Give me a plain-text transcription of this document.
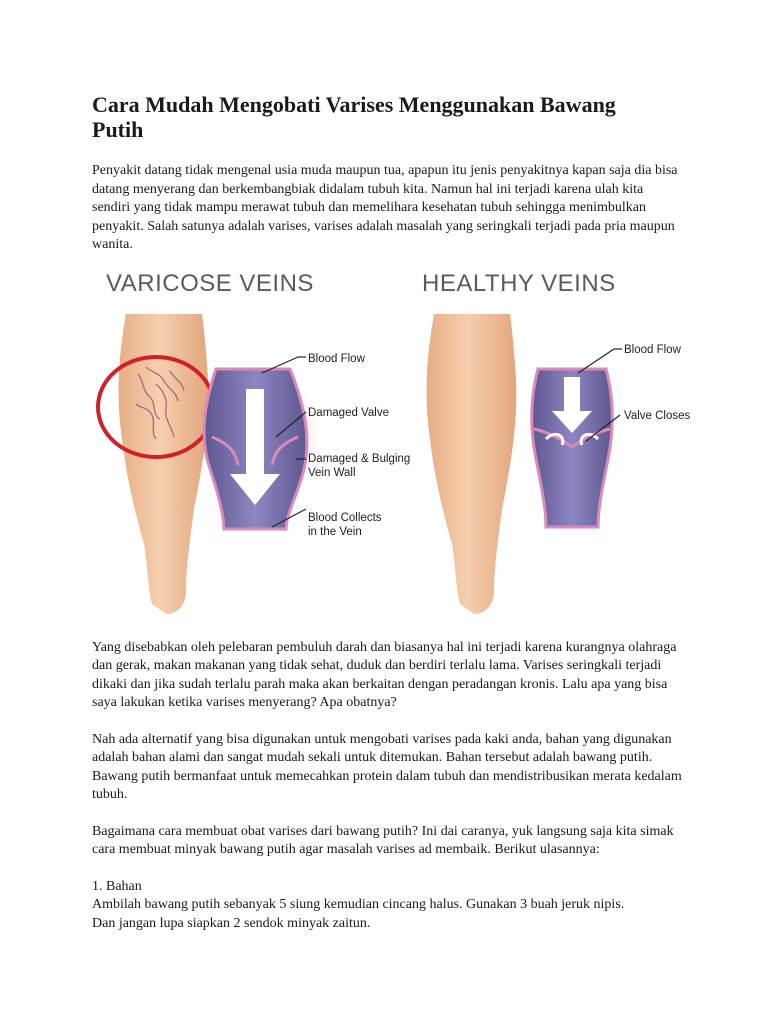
Cara Mudah Mengobati Varises Menggunakan Bawang Putih

Penyakit datang tidak mengenal usia muda maupun tua, apapun itu jenis penyakitnya kapan saja dia bisa datang menyerang dan berkembangbiak didalam tubuh kita. Namun hal ini terjadi karena ulah kita sendiri yang tidak mampu merawat tubuh dan memelihara kesehatan tubuh sehingga menimbulkan penyakit. Salah satunya adalah varises, varises adalah masalah yang seringkali terjadi pada pria maupun wanita.

VARICOSE VEINS	HEALTHY VEINS
Blood Flow
Damaged Valve
Damaged & Bulging
Vein Wall
Blood Collects
in the Vein
Blood Flow
Valve Closes

Yang disebabkan oleh pelebaran pembuluh darah dan biasanya hal ini terjadi karena kurangnya olahraga dan gerak, makan makanan yang tidak sehat, duduk dan berdiri terlalu lama. Varises seringkali terjadi dikaki dan jika sudah terlalu parah maka akan berkaitan dengan peradangan kronis. Lalu apa yang bisa saya lakukan ketika varises menyerang? Apa obatnya?

Nah ada alternatif yang bisa digunakan untuk mengobati varises pada kaki anda, bahan yang digunakan adalah bahan alami dan sangat mudah sekali untuk ditemukan. Bahan tersebut adalah bawang putih. Bawang putih bermanfaat untuk memecahkan protein dalam tubuh dan mendistribusikan merata kedalam tubuh.

Bagaimana cara membuat obat varises dari bawang putih? Ini dai caranya, yuk langsung saja kita simak cara membuat minyak bawang putih agar masalah varises ad membaik. Berikut ulasannya:

1. Bahan

Ambilah bawang putih sebanyak 5 siung kemudian cincang halus. Gunakan 3 buah jeruk nipis.

Dan jangan lupa siapkan 2 sendok minyak zaitun.
